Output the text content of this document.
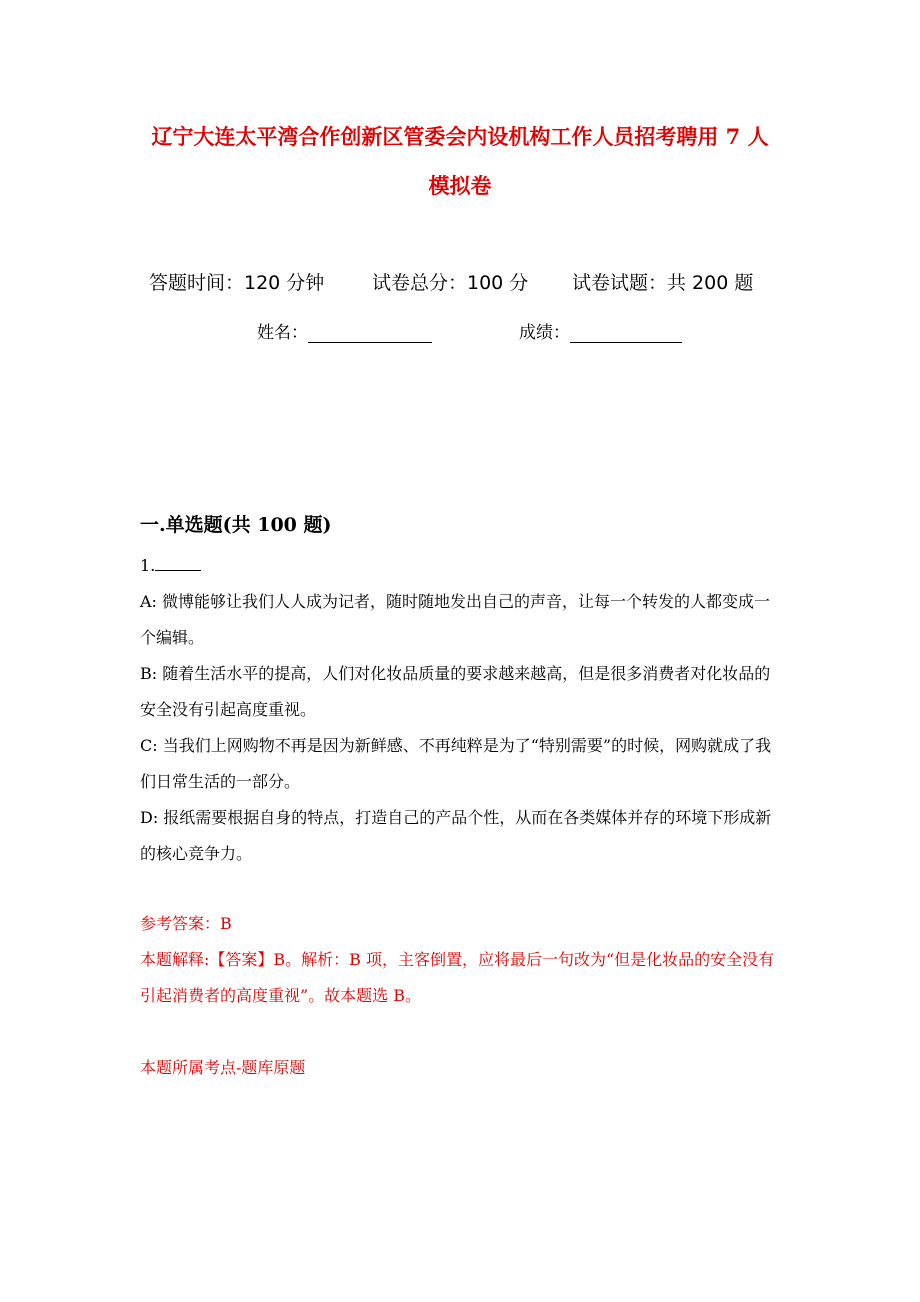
辽宁大连太平湾合作创新区管委会内设机构工作人员招考聘用 7 人
模拟卷
答题时间：120 分钟	试卷总分：100 分 试卷试题：共 200 题
姓名：	成绩：
一.单选题(共 100 题)
1.
A: 微博能够让我们人人成为记者，随时随地发出自己的声音，让每一个转发的人都变成一个编辑。
B: 随着生活水平的提高，人们对化妆品质量的要求越来越高，但是很多消费者对化妆品的安全没有引起高度重视。
C: 当我们上网购物不再是因为新鲜感、不再纯粹是为了“特别需要”的时候，网购就成了我们日常生活的一部分。
D: 报纸需要根据自身的特点，打造自己的产品个性，从而在各类媒体并存的环境下形成新的核心竞争力。
参考答案：B
本题解释:【答案】B。解析：B 项，主客倒置，应将最后一句改为“但是化妆品的安全没有引起消费者的高度重视”。故本题选 B。
本题所属考点-题库原题
